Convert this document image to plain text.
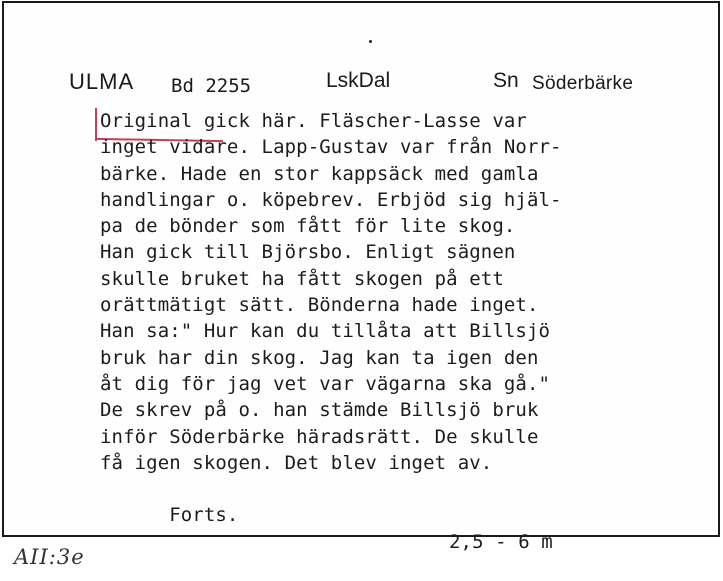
ULMA Bd 2255	LskDal	Sn Söderbärke
Original gick här. Fläscher-Lasse var
inget vidare. Lapp-Gustav var från Norr-
bärke. Hade en stor kappsäck med gamla
handlingar o. köpebrev. Erbjöd sig hjäl-
pa de bönder som fått för lite skog.
Han gick till Björsbo. Enligt sägnen
skulle bruket ha fått skogen på ett
orättmätigt sätt. Bönderna hade inget.
Han sa:" Hur kan du tillåta att Billsjö
bruk har din skog. Jag kan ta igen den
åt dig för jag vet var vägarna ska gå."
De skrev på o. han stämde Billsjö bruk
inför Söderbärke häradsrätt. De skulle
få igen skogen. Det blev inget av.

Forts.

2,5 - 6 m

AII:3e
